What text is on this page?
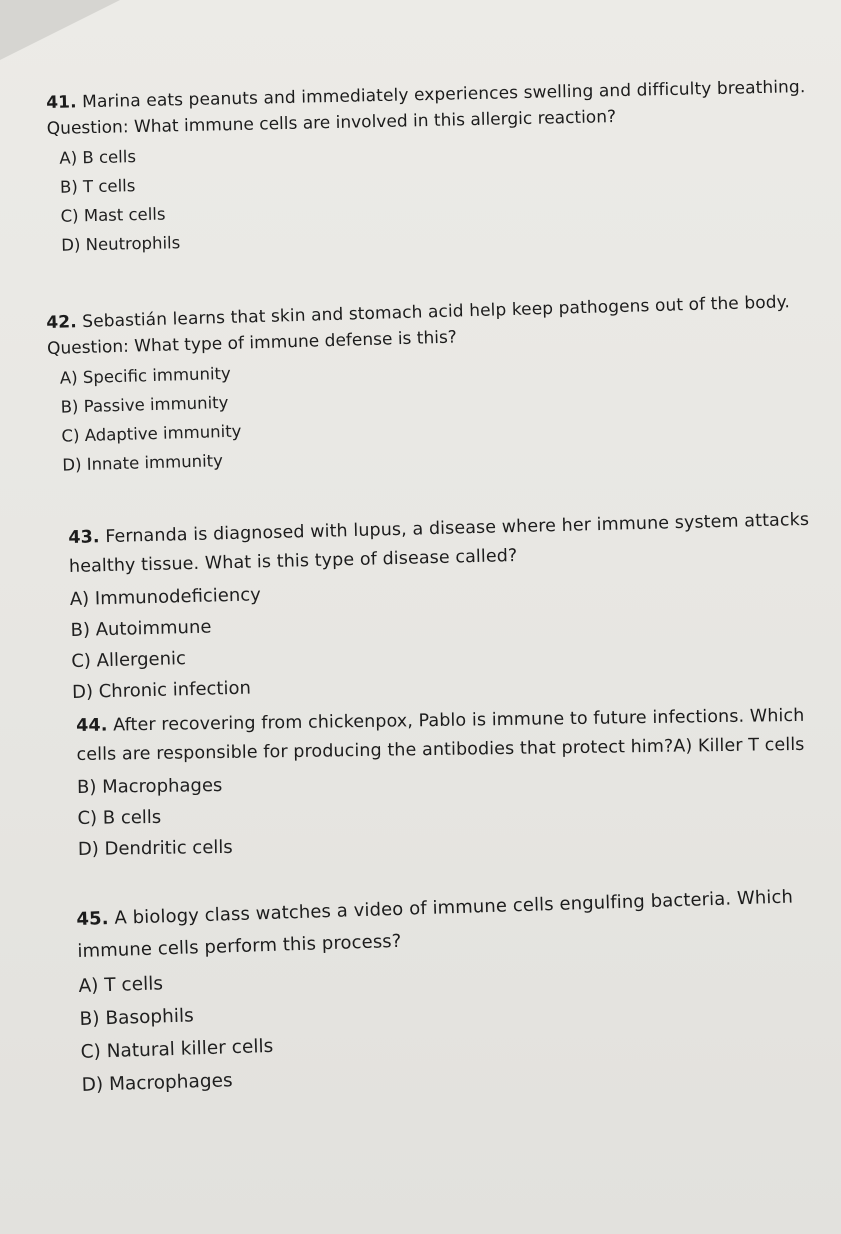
41. Marina eats peanuts and immediately experiences swelling and difficulty breathing.

Question: What immune cells are involved in this allergic reaction?

A) B cells
B) T cells
C) Mast cells
D) Neutrophils

42. Sebastián learns that skin and stomach acid help keep pathogens out of the body.

Question: What type of immune defense is this?

A) Specific immunity
B) Passive immunity
C) Adaptive immunity
D) Innate immunity

43. Fernanda is diagnosed with lupus, a disease where her immune system attacks healthy tissue. What is this type of disease called?

A) Immunodeficiency
B) Autoimmune
C) Allergenic
D) Chronic infection

44. After recovering from chickenpox, Pablo is immune to future infections. Which cells are responsible for producing the antibodies that protect him?A) Killer T cells

B) Macrophages
C) B cells
D) Dendritic cells

45. A biology class watches a video of immune cells engulfing bacteria. Which immune cells perform this process?

A) T cells
B) Basophils
C) Natural killer cells
D) Macrophages
